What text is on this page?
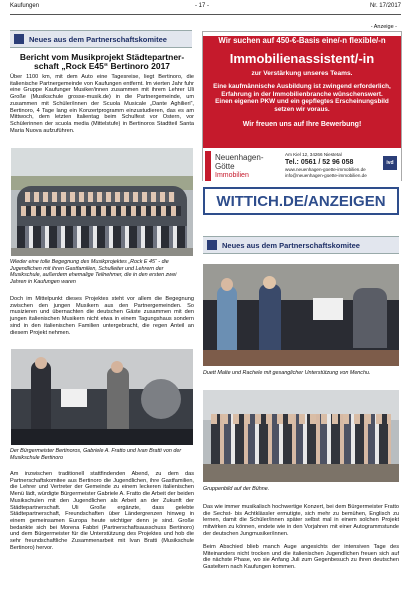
Kaufungen	- 17 -	Nr. 17/2017
- Anzeige -
Neues aus dem Partnerschaftskomitee
Bericht vom Musikprojekt Städtepartner-
schaft „Rock E45“ Bertinoro 2017
Über 1100 km, mit dem Auto eine Tagesreise, liegt Bertinoro, die italienische Partnergemeinde von Kaufungen entfernt. Im vierten Jahr fuhr eine Gruppe Kaufunger Musiker/innen zusammen mit ihrem Lehrer Uli Große (Musikschule grosse-musik.de) in die Partnergemeinde, um zusammen mit Schüler/innen der Scuola Musicale „Dante Aghilieri“, Bertinoro, 4 Tage lang ein Konzertprogramm einzustudieren, das es am Mittwoch, dem letzten Italientag beim Schulfest vor Ostern, vor Schülerinnen der scuola media (Mittelstufe) in Bertinoros Stadtteil Santa Maria Nuova aufzuführen.
Wieder eine tolle Begegnung des Musikprojektes „Rock E 45“ - die Jugendlichen mit ihren Gastfamilien, Schulleiter und Lehrern der Musikschule, außerdem ehemalige Teilnehmer, die in den ersten zwei Jahren in Kaufungen waren
Doch im Mittelpunkt dieses Projektes steht vor allem die Begegnung zwischen den jungen Musikern aus den Partnergemeinden. So musizieren und übernachten die deutschen Gäste zusammen mit den jungen italienischen Musikern nicht etwa in einem Tagungshaus sondern sind in den italienischen Familien untergebracht, die regen Anteil an diesem Projekt nehmen.
Der Bürgermeister Bertinoros, Gabriele A. Fratto und Ivan Bratti von der Musikschule Bertinoro
Am inzwischen traditionell stattfindenden Abend, zu dem das Partnerschaftskomitee aus Bertinoro die Jugendlichen, ihre Gastfamilien, die Lehrer und Vertreter der Gemeinde zu einem leckeren italienischen Menü lädt, würdigte Bürgermeister Gabriele A. Fratto die Arbeit der beiden Musikschulen mit den Jugendlichen als Arbeit an der Zukunft der Städtepartnerschaft. Uli Große ergänzte, dass gelebte Städtepartnerschaft, Freundschaften über Ländergrenzen hinweg in einem gemeinsamen Europa heute wichtiger denn je sind. Große bedankte sich bei Morena Fabbri (Partnerschaftsausschuss Bertinoro) und dem Bürgermeister für die Unterstützung des Projektes und hob die sehr freundschaftliche Zusammenarbeit mit Ivan Bratti (Musikschule Bertinoro) hervor.
Wir suchen auf 450-€-Basis eine/-n flexible/-n
Immobilienassistent/-in
zur Verstärkung unseres Teams.
Eine kaufmännische Ausbildung ist zwingend erforderlich, Erfahrung in der Immobilienbranche wünschenswert. Einen eigenen PKW und ein gepflegtes Erscheinungsbild setzen wir voraus.
Wir freuen uns auf Ihre Bewerbung!
Neuenhagen-
Götte
Immobilien
Am Kiel 12, 34266 Niestetal
Tel.: 0561 / 52 96 058
www.neuenhagen-goette-immobilien.de
info@neuenhagen-goette-immobilien.de
ivd
WITTICH.DE/ANZEIGEN
Neues aus dem Partnerschaftskomitee
Duett Malte und Rachele mit gesanglicher Unterstützung von Menchu.
Gruppenbild auf der Bühne.
Das wie immer musikalisch hochwertige Konzert, bei dem Bürgermeister Fratto die Sechst- bis Achtklässler ermutigte, sich mehr zu bemühen, Englisch zu lernen, damit die Schüler/innen später selbst mal in einem solchen Projekt mitwirken zu können, endete wie in den Vorjahren mit einer Autogrammstunde der deutschen Jungmusiker/innen.
Beim Abschied blieb manch Auge angesichts der intensiven Tage des Miteinanders nicht trocken und die italienischen Jugendlichen freuen sich auf die nächste Phase, wo sie Anfang Juli zum Gegenbesuch zu ihren deutschen Gasteltern nach Kaufungen kommen.
